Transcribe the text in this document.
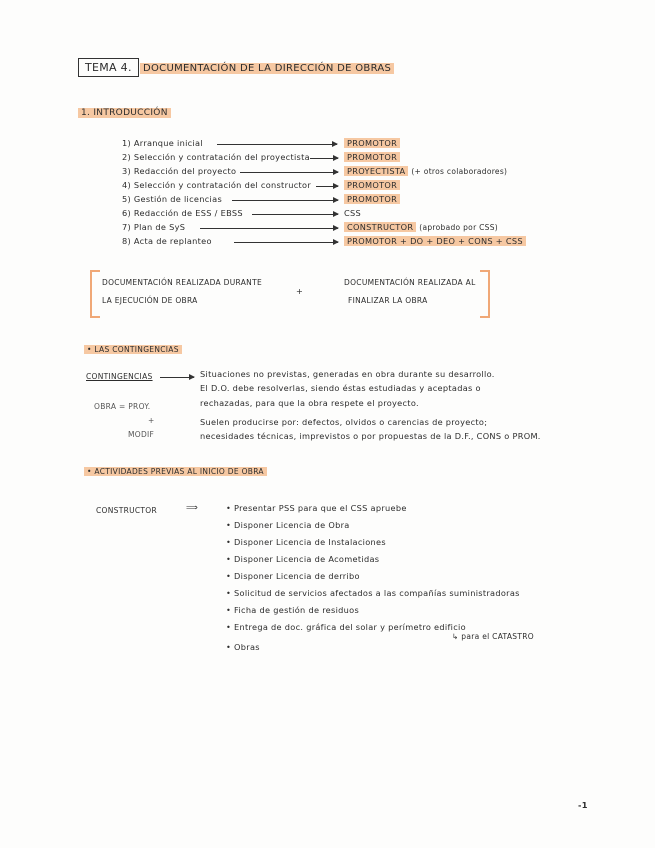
TEMA 4.	DOCUMENTACIÓN DE LA DIRECCIÓN DE OBRAS
1. INTRODUCCIÓN
1) Arranque inicial	PROMOTOR
2) Selección y contratación del proyectista	PROMOTOR
3) Redacción del proyecto	PROYECTISTA (+ otros colaboradores)
4) Selección y contratación del constructor	PROMOTOR
5) Gestión de licencias	PROMOTOR
6) Redacción de ESS / EBSS	CSS
7) Plan de SyS	CONSTRUCTOR (aprobado por CSS)
8) Acta de replanteo	PROMOTOR + DO + DEO + CONS + CSS
DOCUMENTACIÓN REALIZADA DURANTE
LA EJECUCIÓN DE OBRA
+
DOCUMENTACIÓN REALIZADA AL
FINALIZAR LA OBRA
• LAS CONTINGENCIAS
CONTINGENCIAS	Situaciones no previstas, generadas en obra durante su desarrollo.
El D.O. debe resolverlas, siendo éstas estudiadas y aceptadas o
rechazadas, para que la obra respete el proyecto.
Suelen producirse por: defectos, olvidos o carencias de proyecto;
necesidades técnicas, imprevistos o por propuestas de la D.F., CONS o PROM.
OBRA = PROY.
+
MODIF
• ACTIVIDADES PREVIAS AL INICIO DE OBRA
CONSTRUCTOR	⟹	• Presentar PSS para que el CSS apruebe
• Disponer Licencia de Obra
• Disponer Licencia de Instalaciones
• Disponer Licencia de Acometidas
• Disponer Licencia de derribo
• Solicitud de servicios afectados a las compañías suministradoras
• Ficha de gestión de residuos
• Entrega de doc. gráfica del solar y perímetro edificio
↳ para el CATASTRO
• Obras
-1
